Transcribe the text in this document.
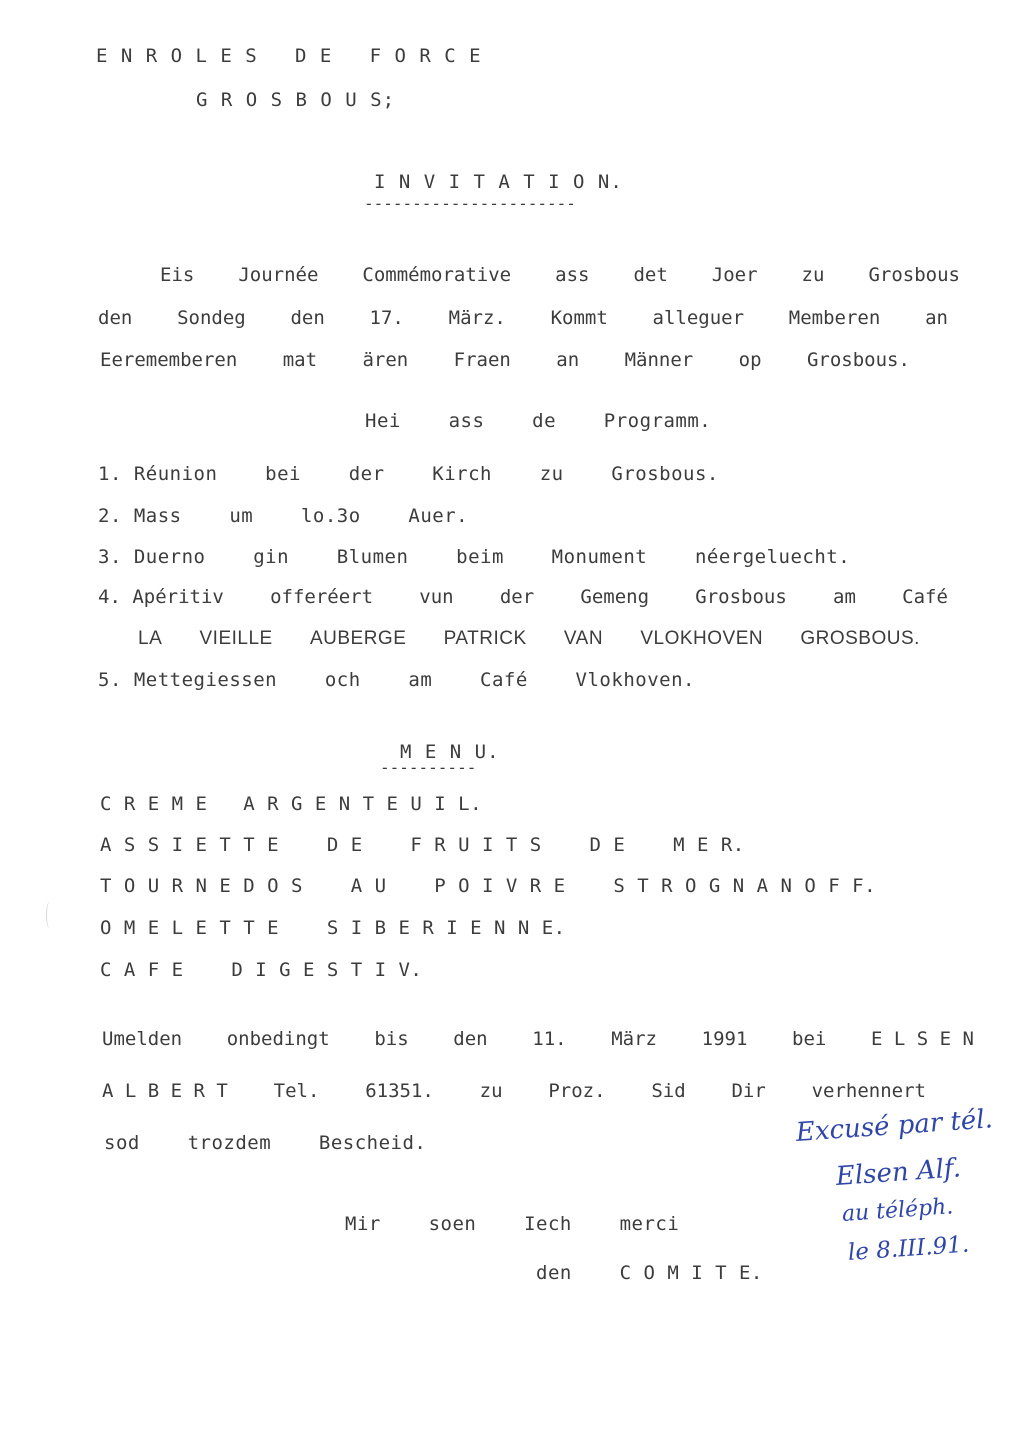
E N R O L E S   D E   F O R C E
G R O S B O U S;
I N V I T A T I O N.
----------------------
Eis Journée Commémorative ass det Joer zu Grosbous
den Sondeg den 17. März. Kommt alleguer Memberen an
Eerememberen mat ären Fraen an Männer op Grosbous.
Hei    ass    de    Programm.
1. Réunion    bei    der    Kirch    zu    Grosbous.
2. Mass    um    lo.3o    Auer.
3. Duerno    gin    Blumen    beim    Monument    néergeluecht.
4. Apéritiv offeréert vun der Gemeng Grosbous am Café
LA VIEILLE AUBERGE PATRICK VAN VLOKHOVEN GROSBOUS.
5. Mettegiessen    och    am    Café    Vlokhoven.
M E N U.
----------
C R E M E   A R G E N T E U I L.
A S S I E T T E    D E    F R U I T S    D E    M E R.
T O U R N E D O S    A U    P O I V R E    S T R O G N A N O F F.
O M E L E T T E    S I B E R I E N N E.
C A F E    D I G E S T I V.
Umelden onbedingt bis den 11. März 1991 bei E L S E N
A L B E R T Tel. 61351. zu Proz. Sid Dir verhennert
sod    trozdem    Bescheid.
Mir    soen    Iech    merci
den    C O M I T E.
Excusé par tél.
Elsen Alf.
au téléph.
le 8.III.91.
